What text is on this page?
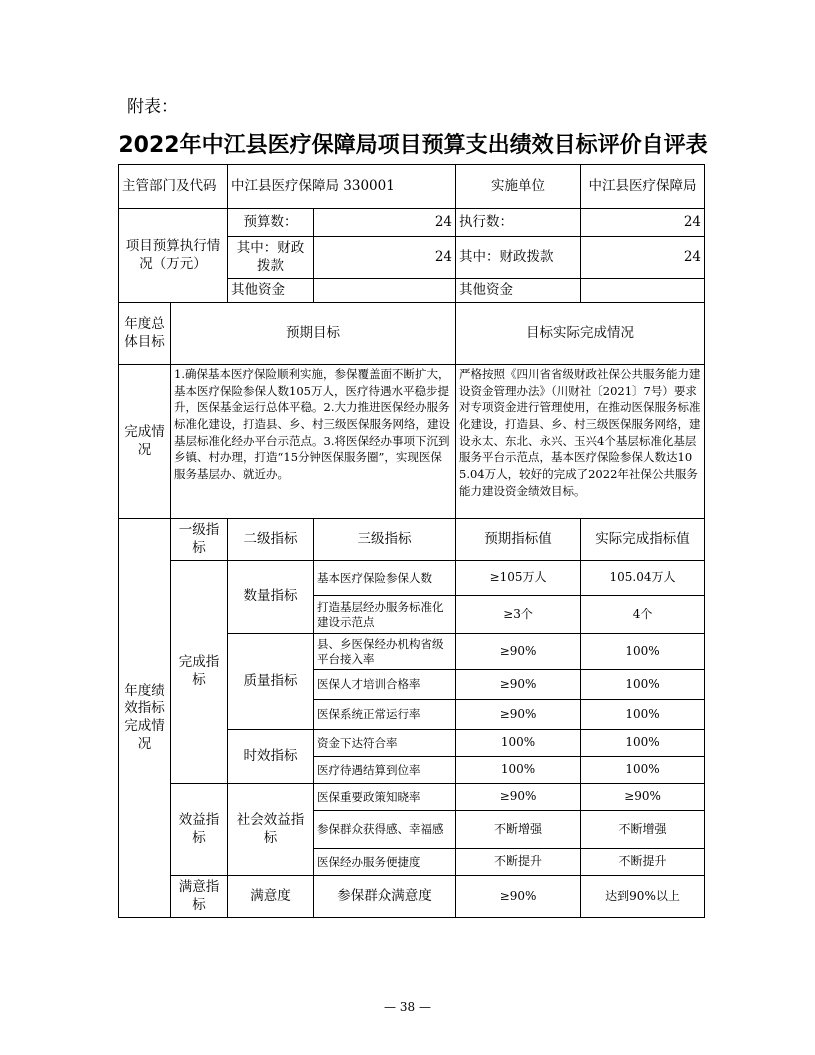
附表：
2022年中江县医疗保障局项目预算支出绩效目标评价自评表
主管部门及代码		中江县医疗保障局 330001		实施单位	中江县医疗保障局
项目预算执行情况（万元）		预算数：	24	执行数：	24
		其中：财政拨款	24	其中：财政拨款	24
		其他资金		其他资金	
年度总体目标	预期目标			目标实际完成情况	
完成情况	1.确保基本医疗保险顺利实施，参保覆盖面不断扩大，基本医疗保险参保人数105万人，医疗待遇水平稳步提升，医保基金运行总体平稳。2.大力推进医保经办服务标准化建设，打造县、乡、村三级医保服务网络，建设基层标准化经办平台示范点。3.将医保经办事项下沉到乡镇、村办理，打造“15分钟医保服务圈”，实现医保服务基层办、就近办。			严格按照《四川省省级财政社保公共服务能力建设资金管理办法》（川财社〔2021〕7号）要求对专项资金进行管理使用，在推动医保服务标准化建设，打造县、乡、村三级医保服务网络，建设永太、东北、永兴、玉兴4个基层标准化基层服务平台示范点，基本医疗保险参保人数达105.04万人，较好的完成了2022年社保公共服务能力建设资金绩效目标。	
年度绩效指标完成情况	一级指标	二级指标	三级指标	预期指标值	实际完成指标值
	完成指标	数量指标	基本医疗保险参保人数	≥105万人	105.04万人
			打造基层经办服务标准化建设示范点	≥3个	4个
		质量指标	县、乡医保经办机构省级平台接入率	≥90%	100%
			医保人才培训合格率	≥90%	100%
			医保系统正常运行率	≥90%	100%
		时效指标	资金下达符合率	100%	100%
			医疗待遇结算到位率	100%	100%
	效益指标	社会效益指标	医保重要政策知晓率	≥90%	≥90%
			参保群众获得感、幸福感	不断增强	不断增强
			医保经办服务便捷度	不断提升	不断提升
	满意指标	满意度	参保群众满意度	≥90%	达到90%以上
— 38 —
